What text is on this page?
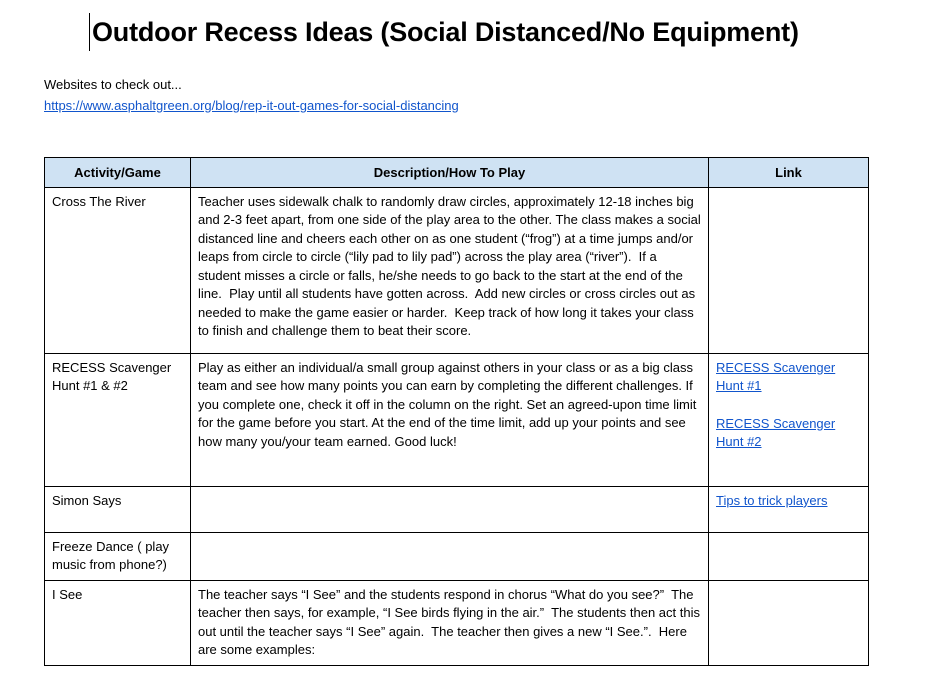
Outdoor Recess Ideas (Social Distanced/No Equipment)

Websites to check out...

https://www.asphaltgreen.org/blog/rep-it-out-games-for-social-distancing

Activity/Game	Description/How To Play	Link
Cross The River	Teacher uses sidewalk chalk to randomly draw circles, approximately 12-18 inches big and 2-3 feet apart, from one side of the play area to the other. The class makes a social distanced line and cheers each other on as one student (“frog”) at a time jumps and/or leaps from circle to circle (“lily pad to lily pad”) across the play area (“river”).  If a student misses a circle or falls, he/she needs to go back to the start at the end of the line.  Play until all students have gotten across.  Add new circles or cross circles out as needed to make the game easier or harder.  Keep track of how long it takes your class to finish and challenge them to beat their score.	
RECESS Scavenger Hunt #1 & #2	Play as either an individual/a small group against others in your class or as a big class team and see how many points you can earn by completing the different challenges. If you complete one, check it off in the column on the right. Set an agreed-upon time limit for the game before you start. At the end of the time limit, add up your points and see how many you/your team earned. Good luck!	RECESS Scavenger Hunt #1
RECESS Scavenger Hunt #2

Simon Says		Tips to trick players

Freeze Dance ( play music from phone?)		
I See	The teacher says “I See” and the students respond in chorus “What do you see?”  The teacher then says, for example, “I See birds flying in the air.”  The students then act this out until the teacher says “I See” again.  The teacher then gives a new “I See.”.  Here are some examples:	
